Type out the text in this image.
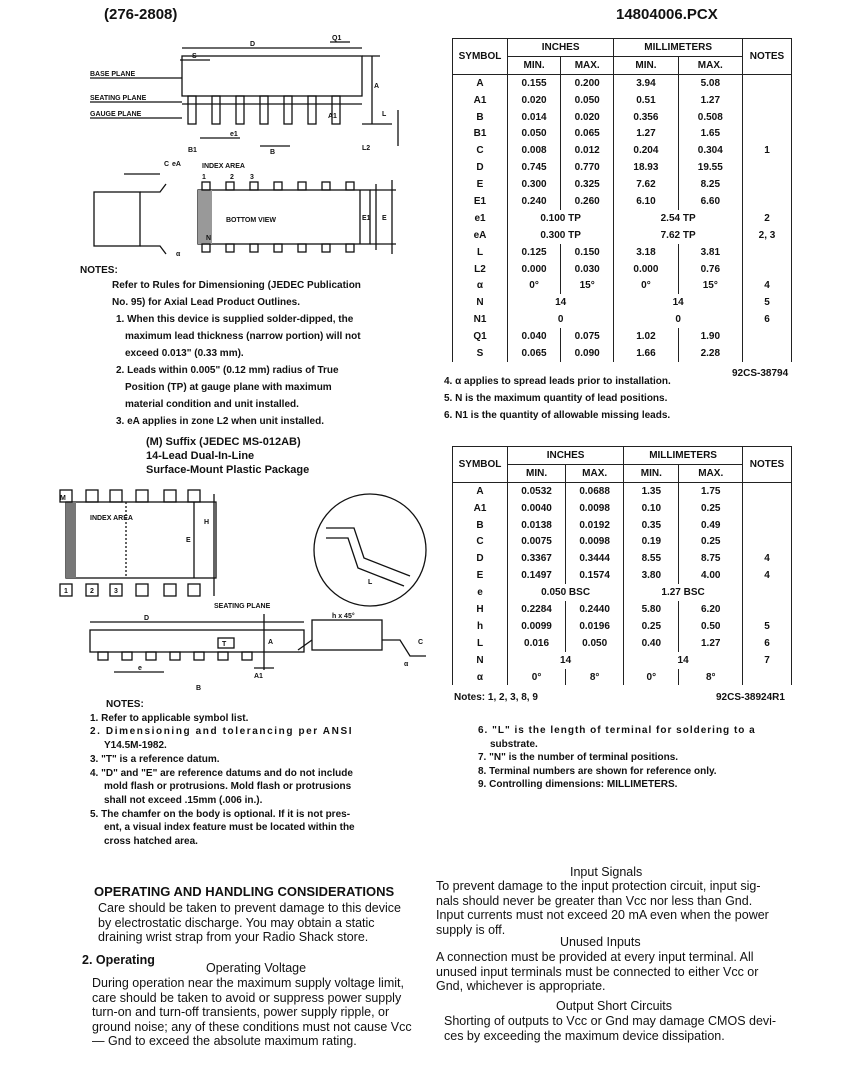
(276-2808)	14804006.PCX
BASE PLANE
SEATING PLANE
GAUGE PLANE
D
Q1
S
A
L
A1
B1
e1
B
L2
C eA	INDEX AREA
1	2 3
BOTTOM VIEW	E1 E
N
α
NOTES:
Refer to Rules for Dimensioning (JEDEC Publication
No. 95) for Axial Lead Product Outlines.
1. When this device is supplied solder-dipped, the
maximum lead thickness (narrow portion) will not
exceed 0.013" (0.33 mm).
2. Leads within 0.005" (0.12 mm) radius of True
Position (TP) at gauge plane with maximum
material condition and unit installed.
3. eA applies in zone L2 when unit installed.
(M) Suffix (JEDEC MS-012AB)
14-Lead Dual-In-Line
Surface-Mount Plastic Package
M
INDEX AREA
H
E
1	2	3
SEATING PLANE
D	h x 45°
A
T	C
e
B
A1
L
α
NOTES:
1. Refer to applicable symbol list.
2. Dimensioning and tolerancing per ANSI
Y14.5M-1982.
3. "T" is a reference datum.
4. "D" and "E" are reference datums and do not include
mold flash or protrusions. Mold flash or protrusions
shall not exceed .15mm (.006 in.).
5. The chamfer on the body is optional. If it is not pres-
ent, a visual index feature must be located within the
cross hatched area.
SYMBOL	INCHES		MILLIMETERS		NOTES
	MIN.	MAX.	MIN.	MAX.	
A	0.155	0.200	3.94	5.08	
A1	0.020	0.050	0.51	1.27	
B	0.014	0.020	0.356	0.508	
B1	0.050	0.065	1.27	1.65	
C	0.008	0.012	0.204	0.304	1
D	0.745	0.770	18.93	19.55	
E	0.300	0.325	7.62	8.25	
E1	0.240	0.260	6.10	6.60	
e1	0.100 TP		2.54 TP		2
eA	0.300 TP		7.62 TP		2, 3
L	0.125	0.150	3.18	3.81	
L2	0.000	0.030	0.000	0.76	
α	0°	15°	0°	15°	4
N	14		14		5
N1	0		0		6
Q1	0.040	0.075	1.02	1.90	
S	0.065	0.090	1.66	2.28	
92CS-38794
4. α applies to spread leads prior to installation.
5. N is the maximum quantity of lead positions.
6. N1 is the quantity of allowable missing leads.
SYMBOL	INCHES		MILLIMETERS		NOTES
	MIN.	MAX.	MIN.	MAX.	
A	0.0532	0.0688	1.35	1.75	
A1	0.0040	0.0098	0.10	0.25	
B	0.0138	0.0192	0.35	0.49	
C	0.0075	0.0098	0.19	0.25	
D	0.3367	0.3444	8.55	8.75	4
E	0.1497	0.1574	3.80	4.00	4
e	0.050 BSC		1.27 BSC		
H	0.2284	0.2440	5.80	6.20	
h	0.0099	0.0196	0.25	0.50	5
L	0.016	0.050	0.40	1.27	6
N	14		14		7
α	0°	8°	0°	8°	
Notes: 1, 2, 3, 8, 9	92CS-38924R1
6. "L" is the length of terminal for soldering to a
substrate.
7. "N" is the number of terminal positions.
8. Terminal numbers are shown for reference only.
9. Controlling dimensions: MILLIMETERS.
OPERATING AND HANDLING CONSIDERATIONS
Care should be taken to prevent damage to this device
by electrostatic discharge. You may obtain a static
draining wrist strap from your Radio Shack store.
2. Operating
Operating Voltage
During operation near the maximum supply voltage limit,
care should be taken to avoid or suppress power supply
turn-on and turn-off transients, power supply ripple, or
ground noise; any of these conditions must not cause Vcc
— Gnd to exceed the absolute maximum rating.
Input Signals
To prevent damage to the input protection circuit, input sig-
nals should never be greater than Vcc nor less than Gnd.
Input currents must not exceed 20 mA even when the power
supply is off.
Unused Inputs
A connection must be provided at every input terminal. All
unused input terminals must be connected to either Vcc or
Gnd, whichever is appropriate.
Output Short Circuits
Shorting of outputs to Vcc or Gnd may damage CMOS devi-
ces by exceeding the maximum device dissipation.
